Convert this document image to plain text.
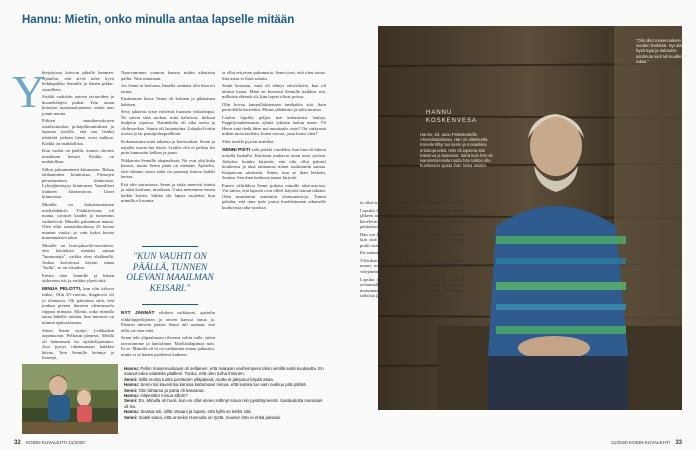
Hannu: Mietin, onko minulla antaa lapselle mitään
Y

hteistyössä kaivoin pihalle lammen. Ajattelin, että sii-tä tulee hyvä leikkipaikka Sennille ja hänen pikku-sisarilleen.

Sisältä vaihdoin uuteen tavaroiden ja huonekalujen paikat. Tein oman kotoisen maisemaluoneen, ottein taas jotain muuta.

Pitkien monikerroksisen ostakostutalon poltajalleruntuksen ja lapsaan tyttölle, että sen lisäksi tehtävää jotkuin hänet voisi nukkua. Kaikki on mahdollista.

Kun vauhti on päällä, tunnen olevani maailman keisari. Kaikki on mahdollista.

Sillon puhumminen kiinnostaa. Rahan tahlaaminen kiinnostaa. Firmojen perustaminen kiinnostaa. Lyhytjänteisyys kiinnostaa. Vaaralliset tilanteet kiinnostavat. Uutet kiinnostaa.

Minulla on kaksisuuntainen mielialahäiriö. Yliaktiivisuus eli mania, tavaiset kaudet ja masennus vaihtelevat. Minulla pahemmat mania. Olen ollut sairaalahoidossa 25 kertaa manian vuoksi ja vain kaksi kertaa masennuksen takia.

Minulle on hoitojaksolla-tavoitteita, että käyttäisin mentätt saman "kuntoutuja", vaikka olen elakkeellä. Joskus kotiolossa käytän sanaa "hullu", se on vitsailua.

Ensiin olen Sennille ja hänen siskoensa isä, ja erittäin ylpeä siitä.

MINUA PELOTTI, kun olin tulossa isäksi. Olin 25-vuotias, diagnoosi oli jo olemassa. Oli pahoittaa siitä, että jonkun pienen ihmisen olemassaolo riippuu minusta. Mietin, onko minulla antaa hänelle mitään, kun minussa on niinmä epäisaalusuus.

Sitten Senni syntyi. Leikkaasin napanuoran. Pelkasin pienesti. Meillä oli hemmeasti iso opiskelijaasunto. Josa pystyi rakentamaan kaikkea hävaa. Tein Sennille ketunja ja lisaneja.

Nasuvuminne vaimon kanssa mihin aikuisten pallin. Niin muuttaan.

Jos Senni ai kertonut, hänellä saattaisi olla ihan eri tarina.

Ensimmine ikaot. Senni oli kolmen ja pikkuinen kahtsen.

Sexy jakkessi tyrse vietötvät huonani viikonloput. Ne saivat siitä ruokaa, mitä halusivat, niiksan budjetin rajoissa. Naudeleiha oli aika usein ja chilinruokaa. Sauna oli lauantaiina. Lahjakol tottin tuossa ja tai paasäpolasprielletin.

Kokemusasta mitä tahansa ja kerroudista. Senni ja näjallat tuosta hei töistä. Lisäksi eila ei pelista lee puin kunnostin kelkan ja puun.

Nikkaroin Sennille ahajaudosta, Ne ovat yhä kuka kanssa, mutta Senni pitää on menään. Ajattelin, että olimme usein aidat on paremaj kaarsa kaikki kertaa.

Esti olin sairastassa, Senni ja sisko menivät isänsä ja näist kouluun, muoltaan. Uutta menemme ennen kaikki kotiisi. Siihän yht lapsia saojeltin, kun minulla oli mania.

"KUN VAUHTI ON PÄÄLLÄ, TUNNEN OLEVANI MAAILMAN KEISARI."

NYT JÄNNÄT vihdoin vaikkavat, ajattelin vihkiloppeilijonan ja aivien kanssa sinua ja, Pienten nimeen pääsin Senni tuli samaan, että tällä, nä eraa ettei.

Senni teki ylipaalasaan riferensi veltin valle, sitten taivotinmme ja lantiolinne. Mielialaläpimaa mitt. Ei se. Minulla oli hi on vaihtainen ennen pahasteit, mutta ei se hänen paiälensä kaikeen.

ta ollut erityisen puhumatta. Senni itsei, että olen sairas. Sitä asiaa ei lisää salattu.

Senni kertonut, mitä oli tehnyt arkiviikolla, kun oli äitinsä luona. Minä en kertonut Sennille kaikkea sitä, millaista elämää oli, kun lapset olivat poissa.

Olin kovaa kunnollakiansaan tuntkaikis sitä. Sain perttoleilla hauvehin. Minua jähdattiin ja salta murtaa.

Laulun lapsilla paljon tise kekusimisi laulaja. Pappilyrankennaista ojlaita tykistin laulun usein: 'Oi Herra sinä tiedä ihtee mä muuttaaks oisin? On varkeasta mihan tuota laulettu, kuten rasvaa, josta kuusi olen?'

Siltä tavalla pyysin anteeksi.

SENNI PISTI välit poikki vuodeksi, kun hän oli lukion toisella luokalla. Kuittasin mukavat asian tosta sytöstä. Järkytin, kuinka kirjoitin, että olin ollut pahasti kouluessa ja tänä taimantaa miten ruokimmin samaa. Kaipaitoan sateisistä. Sitten, kun se ihan hetketti, Sennin. Sen ihan hetkessä taansi kirjoitti.

Ennen välirikkoa Senni puhuin minulle raha-asioista. Voi sanoa, että lapseni ovat olleet käyttöä minun takiani. Olen muistamut minimiin olatasanastoja. Tuntui pahalta, että oma tytär joutui huolehtimaan aikuiselle kuuluvista raha-asioista.

Hannu: Pahin masennuskausi oli sellainen, että makasin vanhempieni talon vintillä sekä kuukautta. En saanut edes vaatteita päälleni. Tuntui, että olen turha ihminen.

Senni: Isillä monta tuntia perätuten ylläpäissä, mutta et jaksanut käydä akaa.

Hannu: Senni tuli kaverinsa kanssa kattomaan minua, että kuinka tuo vain nukkuu pitä pähkä.

Senni: Olin lahtanut ja parta oli kasvanut.

Hannu: Häpesitkö minua silloin?

Senni: En. Minulla oli huoli, kun en ollut ennen nähnyt sinua niin pysähtyneenä. Uastaukolta mansaan oli iso.

Hannu: Sisäsai tuli, silltti otsaani ja lupasi, että kyllä se tekkö sitä.

Senni: Isoäiti sanoi, että onneksi Hannulla on työtä. muuten hän ei ehkä jaksaisi.

32 KODIN KUVALEHTI 21/2020
HANNU
KOSKENVESA
Hannu, 53, asuu Pieksämäellä Ahvenistotalossa. Hän on eläkkeellä. Konelle tilltyi tuo kenin ja mosaiikkia eriraitoja teikä. Hän oli lapsena sitä halunnut ja kasvanut. Siinä kuin hän oli ivanmintä-lomila mutta hän tahtoo olla huolissaan ajasta ihan toisia asioita.
"Olin ollut masennuksen 25 vuoden hetkissä. Nyt alan hyvä tupa ja sairautta- asutmutu kieli tuli kuullen oli rakas."

ta ollut erityisen puhumatta. Senni tiesi, että olen sairas.

Lopuksi hän palasi kotiin, muutto täytetin, mutta niiden jälkeen ruoka ja siisteytys kulkeminen tuntuu hyvältä ja kävelevät. Annoin Sennille ja hänen sisarelleen pattiuksen ja ihanaa.

Hän oni kanpasta omaan aikiin ja sanoi, että joka kerta kun sinä tiek poltat, niinkin tuntuu tämä. Sitten hän poltti sisäisesti.

En saanut sitä tehtyä lukkoa.

Välirikon aikana Senni kirjoitti minulle kirjetta. Tärsti, mauri, niitä sointelin. Hän on aina tyttöisyyt sovittaa välejämme.

Lopulta tapasimme toisemme. Otin tyttärini syliin ja oisimmalle-muutama taistelukulma toivotti. Pikkuisiesta maisemaa kalansuusta tuli sinä, mitä muutamme sellaisia järjestä mennä. Hänellä oli mukavaa.

21/2020 KODIN KUVALEHTI 33
